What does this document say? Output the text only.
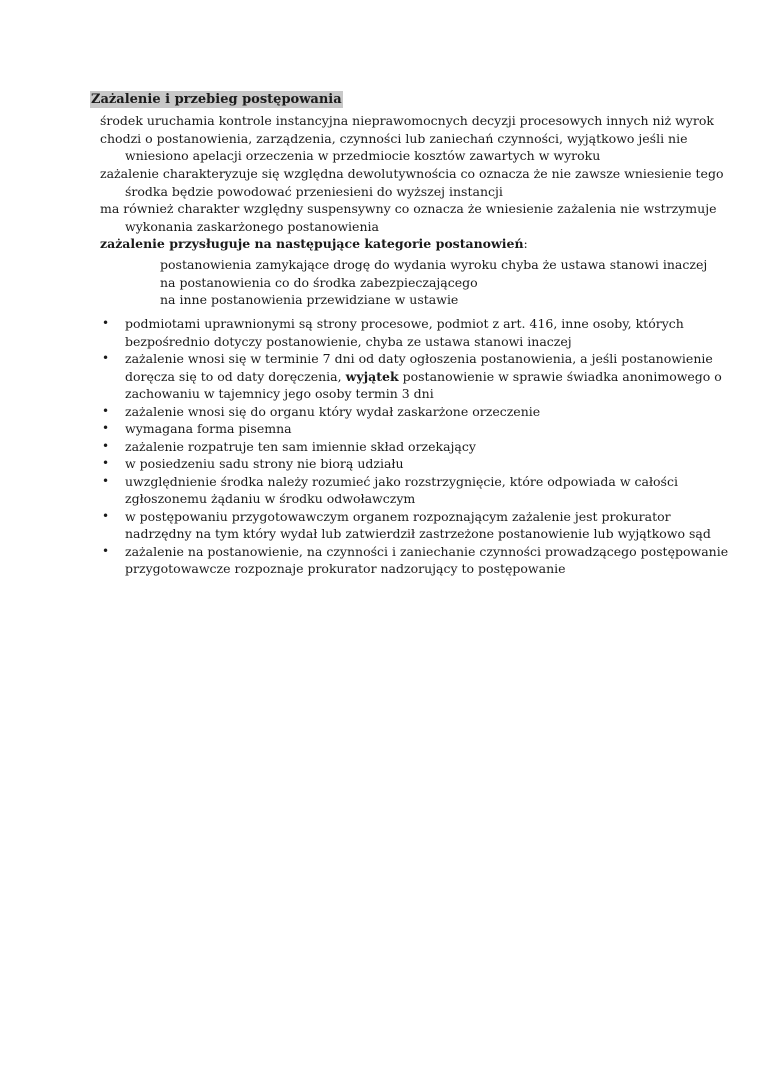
Zażalenie i przebieg postępowania
środek uruchamia kontrole instancyjna nieprawomocnych decyzji procesowych innych niż wyrok
chodzi o postanowienia, zarządzenia, czynności lub zaniechań czynności, wyjątkowo jeśli nie
wniesiono apelacji orzeczenia w przedmiocie kosztów zawartych w wyroku
zażalenie charakteryzuje się względna dewolutywnościa co oznacza że nie zawsze wniesienie tego
środka będzie powodować przeniesieni do wyższej instancji
ma również charakter względny suspensywny co oznacza że wniesienie zażalenia nie wstrzymuje
wykonania zaskarżonego postanowienia
zażalenie przysługuje na następujące kategorie postanowień:
postanowienia zamykające drogę do wydania wyroku chyba że ustawa stanowi inaczej
na postanowienia co do środka zabezpieczającego
na inne postanowienia przewidziane w ustawie
• podmiotami uprawnionymi są strony procesowe, podmiot z art. 416, inne osoby, których
bezpośrednio dotyczy postanowienie, chyba ze ustawa stanowi inaczej
• zażalenie wnosi się w terminie 7 dni od daty ogłoszenia postanowienia, a jeśli postanowienie
doręcza się to od daty doręczenia, wyjątek postanowienie w sprawie świadka anonimowego o
zachowaniu w tajemnicy jego osoby termin 3 dni
• zażalenie wnosi się do organu który wydał zaskarżone orzeczenie
• wymagana forma pisemna
• zażalenie rozpatruje ten sam imiennie skład orzekający
• w posiedzeniu sadu strony nie biorą udziału
• uwzględnienie środka należy rozumieć jako rozstrzygnięcie, które odpowiada w całości
zgłoszonemu żądaniu w środku odwoławczym
• w postępowaniu przygotowawczym organem rozpoznającym zażalenie jest prokurator
nadrzędny na tym który wydał lub zatwierdził zastrzeżone postanowienie lub wyjątkowo sąd
• zażalenie na postanowienie, na czynności i zaniechanie czynności prowadzącego postępowanie
przygotowawcze rozpoznaje prokurator nadzorujący to postępowanie
